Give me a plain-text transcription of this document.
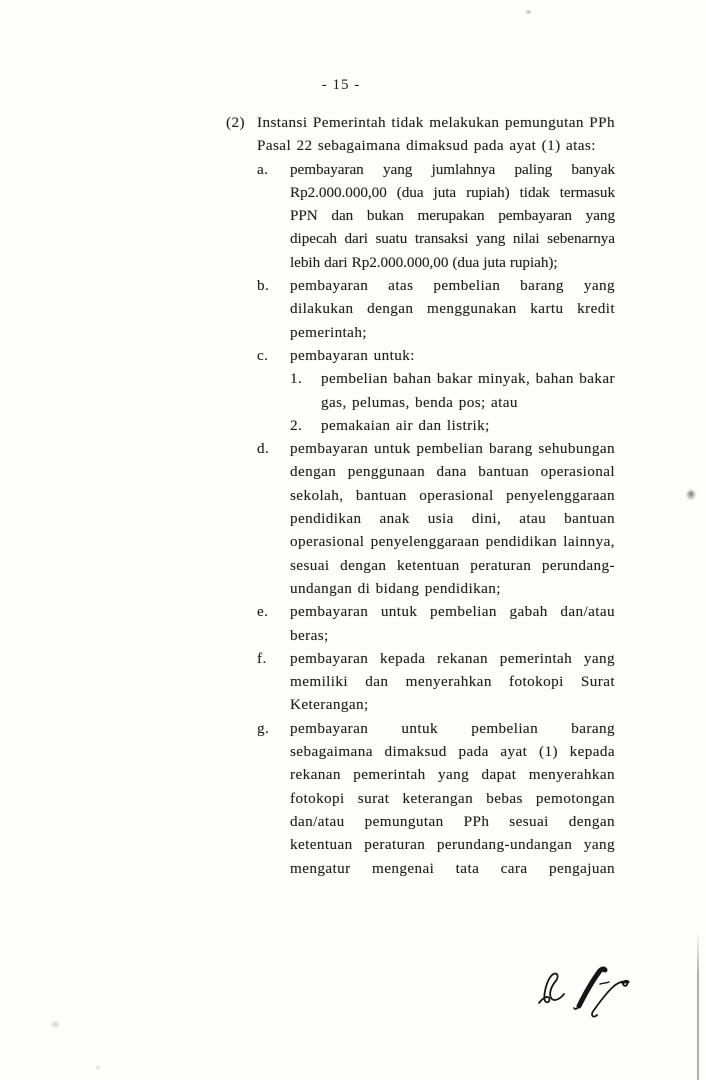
- 15 -
(2) Instansi Pemerintah tidak melakukan pemungutan PPh Pasal 22 sebagaimana dimaksud pada ayat (1) atas:
a. pembayaran yang jumlahnya paling banyak Rp2.000.000,00 (dua juta rupiah) tidak termasuk PPN dan bukan merupakan pembayaran yang dipecah dari suatu transaksi yang nilai sebenarnya lebih dari Rp2.000.000,00 (dua juta rupiah);
b. pembayaran atas pembelian barang yang dilakukan dengan menggunakan kartu kredit pemerintah;
c. pembayaran untuk:
1. pembelian bahan bakar minyak, bahan bakar gas, pelumas, benda pos; atau
2. pemakaian air dan listrik;
d. pembayaran untuk pembelian barang sehubungan dengan penggunaan dana bantuan operasional sekolah, bantuan operasional penyelenggaraan pendidikan anak usia dini, atau bantuan operasional penyelenggaraan pendidikan lainnya, sesuai dengan ketentuan peraturan perundang-undangan di bidang pendidikan;
e. pembayaran untuk pembelian gabah dan/atau beras;
f. pembayaran kepada rekanan pemerintah yang memiliki dan menyerahkan fotokopi Surat Keterangan;
g. pembayaran untuk pembelian barang sebagaimana dimaksud pada ayat (1) kepada rekanan pemerintah yang dapat menyerahkan fotokopi surat keterangan bebas pemotongan dan/atau pemungutan PPh sesuai dengan ketentuan peraturan perundang-undangan yang mengatur mengenai tata cara pengajuan
